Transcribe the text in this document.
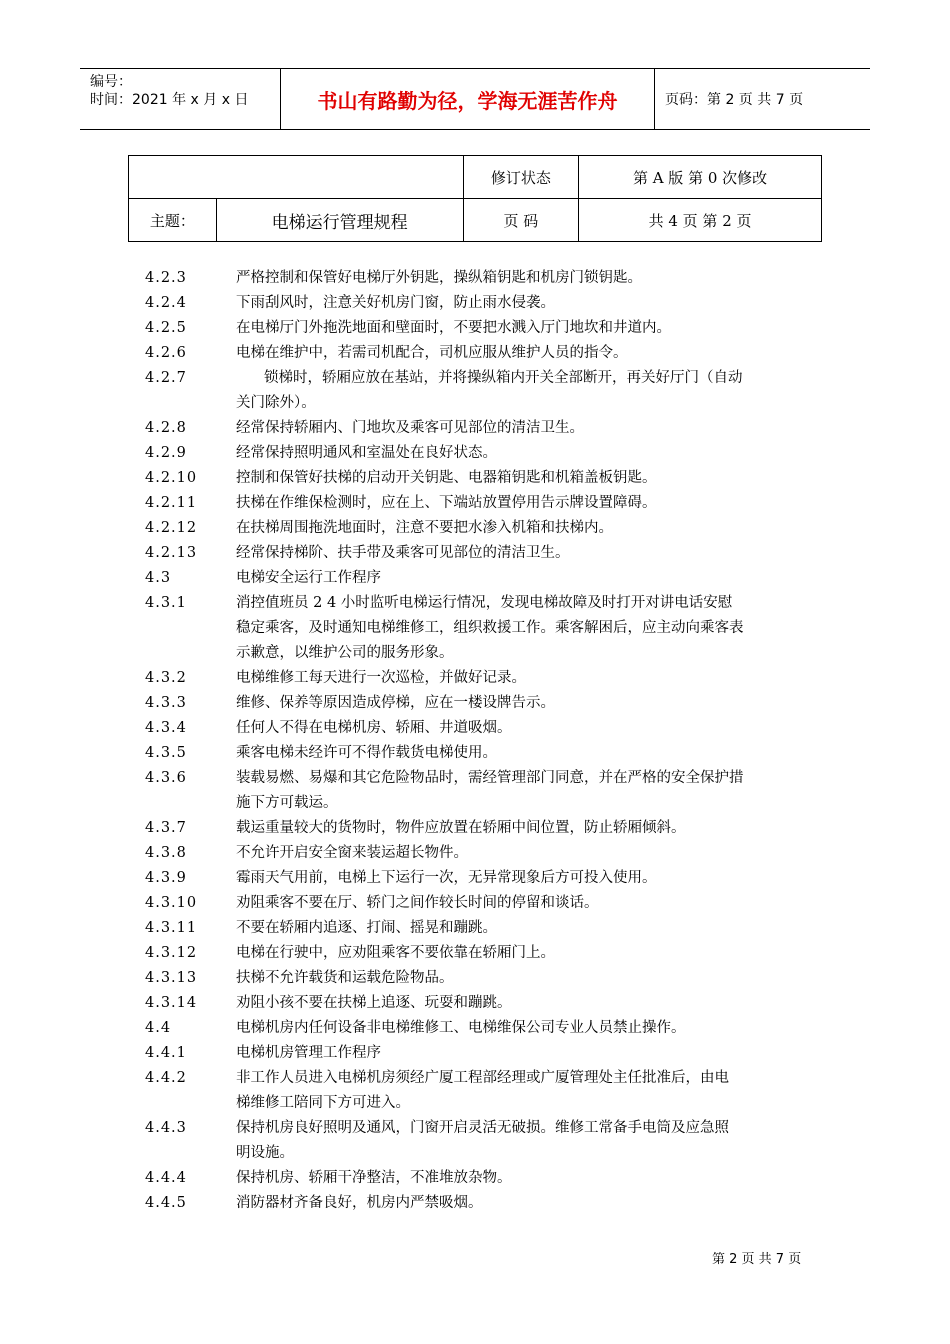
编号：
时间：2021 年 x 月 x 日	书山有路勤为径，学海无涯苦作舟	页码：第 2 页 共 7 页
		修订状态	第 A 版 第 0 次修改
主题：	电梯运行管理规程	页 码	共 4 页 第 2 页
4.2.3	严格控制和保管好电梯厅外钥匙，操纵箱钥匙和机房门锁钥匙。
4.2.4	下雨刮风时，注意关好机房门窗，防止雨水侵袭。
4.2.5	在电梯厅门外拖洗地面和壁面时，不要把水溅入厅门地坎和井道内。
4.2.6	电梯在维护中，若需司机配合，司机应服从维护人员的指令。
4.2.7	锁梯时，轿厢应放在基站，并将操纵箱内开关全部断开，再关好厅门（自动
关门除外）。
4.2.8	经常保持轿厢内、门地坎及乘客可见部位的清洁卫生。
4.2.9	经常保持照明通风和室温处在良好状态。
4.2.10	控制和保管好扶梯的启动开关钥匙、电器箱钥匙和机箱盖板钥匙。
4.2.11	扶梯在作维保检测时，应在上、下端站放置停用告示牌设置障碍。
4.2.12	在扶梯周围拖洗地面时，注意不要把水渗入机箱和扶梯内。
4.2.13	经常保持梯阶、扶手带及乘客可见部位的清洁卫生。
4.3	电梯安全运行工作程序
4.3.1	消控值班员 2 4 小时监听电梯运行情况，发现电梯故障及时打开对讲电话安慰
稳定乘客，及时通知电梯维修工，组织救援工作。乘客解困后，应主动向乘客表
示歉意，以维护公司的服务形象。
4.3.2	电梯维修工每天进行一次巡检，并做好记录。
4.3.3	维修、保养等原因造成停梯，应在一楼设牌告示。
4.3.4	任何人不得在电梯机房、轿厢、井道吸烟。
4.3.5	乘客电梯未经许可不得作载货电梯使用。
4.3.6	装载易燃、易爆和其它危险物品时，需经管理部门同意，并在严格的安全保护措
施下方可载运。
4.3.7	载运重量较大的货物时，物件应放置在轿厢中间位置，防止轿厢倾斜。
4.3.8	不允许开启安全窗来装运超长物件。
4.3.9	霉雨天气用前，电梯上下运行一次，无异常现象后方可投入使用。
4.3.10	劝阻乘客不要在厅、轿门之间作较长时间的停留和谈话。
4.3.11	不要在轿厢内追逐、打闹、摇晃和蹦跳。
4.3.12	电梯在行驶中，应劝阻乘客不要依靠在轿厢门上。
4.3.13	扶梯不允许载货和运载危险物品。
4.3.14	劝阻小孩不要在扶梯上追逐、玩耍和蹦跳。
4.4	电梯机房内任何设备非电梯维修工、电梯维保公司专业人员禁止操作。
4.4.1	电梯机房管理工作程序
4.4.2	非工作人员进入电梯机房须经广厦工程部经理或广厦管理处主任批准后，由电
梯维修工陪同下方可进入。
4.4.3	保持机房良好照明及通风，门窗开启灵活无破损。维修工常备手电筒及应急照
明设施。
4.4.4	保持机房、轿厢干净整洁，不准堆放杂物。
4.4.5	消防器材齐备良好，机房内严禁吸烟。
第 2 页 共 7 页
